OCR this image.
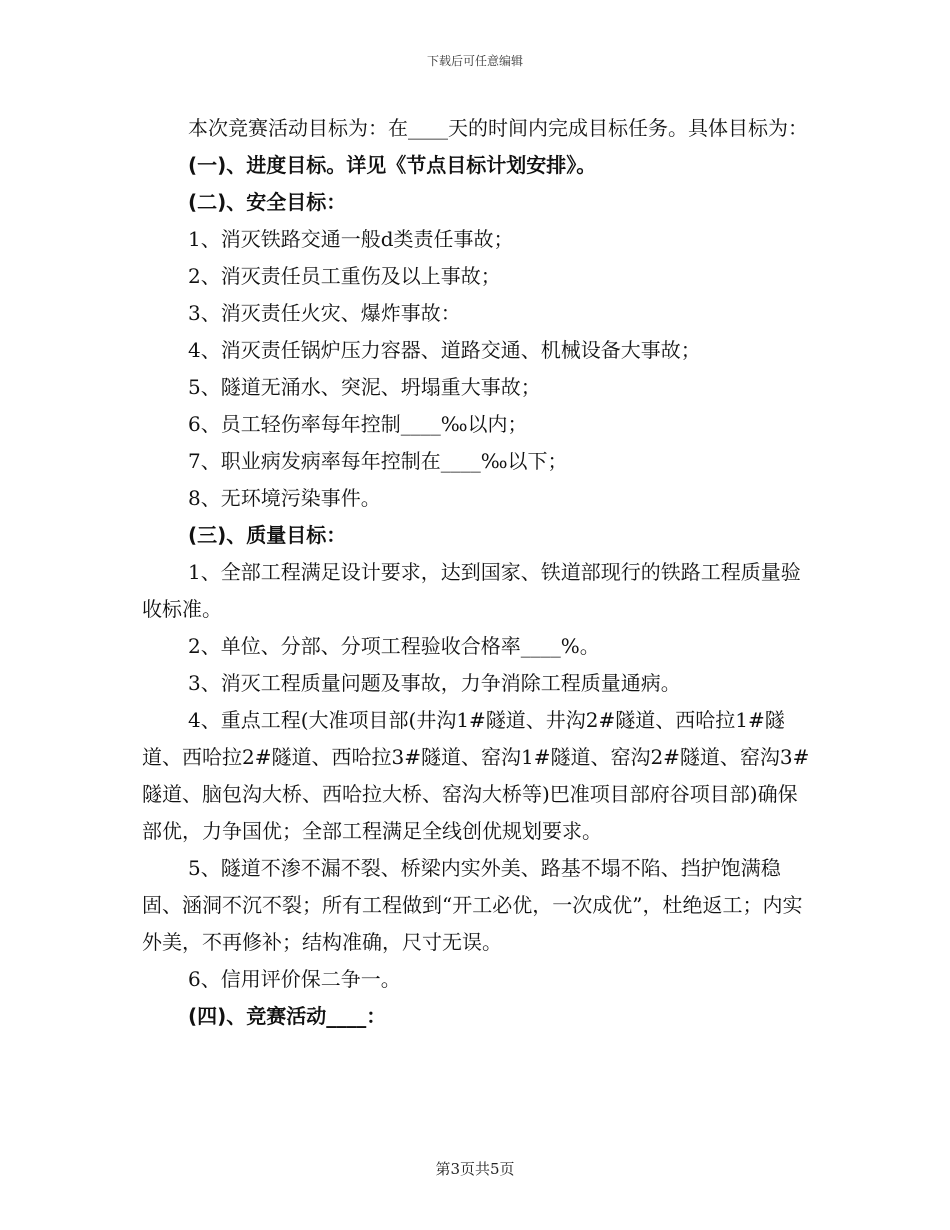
下载后可任意编辑

本次竞赛活动目标为：在____天的时间内完成目标任务。具体目标为：

(一)、进度目标。详见《节点目标计划安排》。

(二)、安全目标：

1、消灭铁路交通一般d类责任事故；

2、消灭责任员工重伤及以上事故；

3、消灭责任火灾、爆炸事故：

4、消灭责任锅炉压力容器、道路交通、机械设备大事故；

5、隧道无涌水、突泥、坍塌重大事故；

6、员工轻伤率每年控制____‰以内；

7、职业病发病率每年控制在____‰以下；

8、无环境污染事件。

(三)、质量目标：

1、全部工程满足设计要求，达到国家、铁道部现行的铁路工程质量验收标准。

2、单位、分部、分项工程验收合格率____%。

3、消灭工程质量问题及事故，力争消除工程质量通病。

4、重点工程(大准项目部(井沟1#隧道、井沟2#隧道、西哈拉1#隧道、西哈拉2#隧道、西哈拉3#隧道、窑沟1#隧道、窑沟2#隧道、窑沟3#隧道、脑包沟大桥、西哈拉大桥、窑沟大桥等)巴准项目部府谷项目部)确保部优，力争国优；全部工程满足全线创优规划要求。

5、隧道不渗不漏不裂、桥梁内实外美、路基不塌不陷、挡护饱满稳固、涵洞不沉不裂；所有工程做到“开工必优，一次成优”，杜绝返工；内实外美，不再修补；结构准确，尺寸无误。

6、信用评价保二争一。

(四)、竞赛活动____：

第3页共5页
